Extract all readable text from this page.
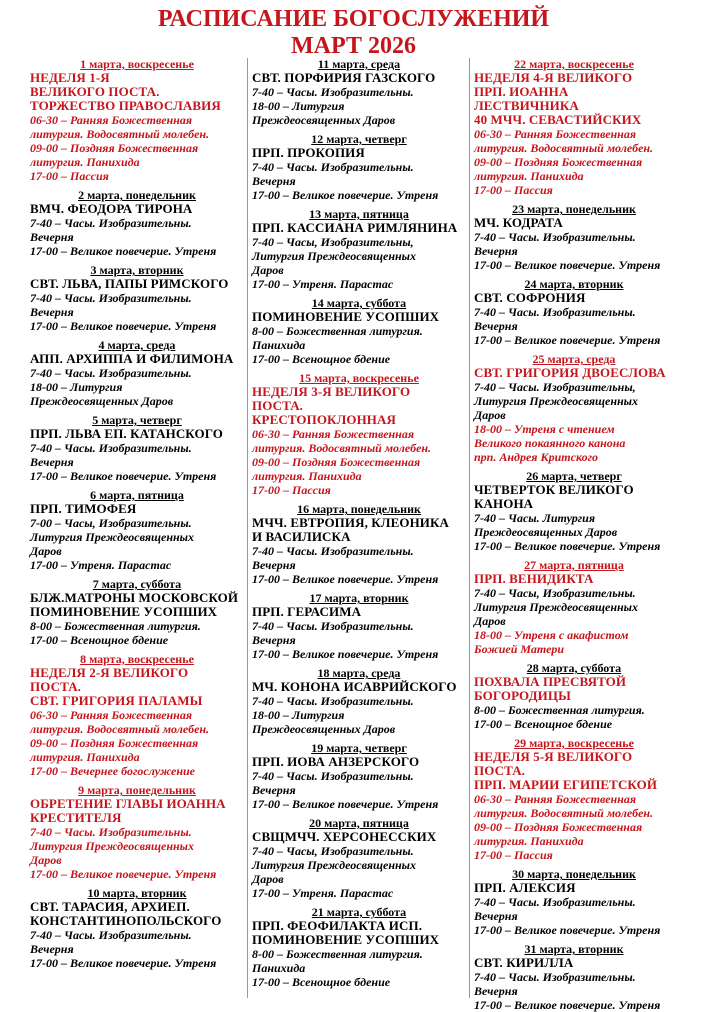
РАСПИСАНИЕ БОГОСЛУЖЕНИЙ
МАРТ 2026
1 марта, воскресенье
НЕДЕЛЯ 1-Я
ВЕЛИКОГО ПОСТА.
ТОРЖЕСТВО ПРАВОСЛАВИЯ
06-30 – Ранняя Божественная
литургия. Водосвятный молебен.
09-00 – Поздняя Божественная
литургия. Панихида
17-00 – Пассия
2 марта, понедельник
ВМЧ. ФЕОДОРА ТИРОНА
7-40 – Часы. Изобразительны.
Вечерня
17-00 – Великое повечерие. Утреня
3 марта, вторник
СВТ. ЛЬВА, ПАПЫ РИМСКОГО
7-40 – Часы. Изобразительны.
Вечерня
17-00 – Великое повечерие. Утреня
4 марта, среда
АПП. АРХИППА И ФИЛИМОНА
7-40 – Часы. Изобразительны.
18-00 – Литургия
Преждеосвященных Даров
5 марта, четверг
ПРП. ЛЬВА ЕП. КАТАНСКОГО
7-40 – Часы. Изобразительны.
Вечерня
17-00 – Великое повечерие. Утреня
6 марта, пятница
ПРП. ТИМОФЕЯ
7-00 – Часы, Изобразительны.
Литургия Преждеосвященных
Даров
17-00 – Утреня. Парастас
7 марта, суббота
БЛЖ.МАТРОНЫ МОСКОВСКОЙ
ПОМИНОВЕНИЕ УСОПШИХ
8-00 – Божественная литургия.
17-00 – Всенощное бдение
8 марта, воскресенье
НЕДЕЛЯ 2-Я ВЕЛИКОГО
ПОСТА.
СВТ. ГРИГОРИЯ ПАЛАМЫ
06-30 – Ранняя Божественная
литургия. Водосвятный молебен.
09-00 – Поздняя Божественная
литургия. Панихида
17-00 – Вечернее богослужение
9 марта, понедельник
ОБРЕТЕНИЕ ГЛАВЫ ИОАННА
КРЕСТИТЕЛЯ
7-40 – Часы. Изобразительны.
Литургия Преждеосвященных
Даров
17-00 – Великое повечерие. Утреня
10 марта, вторник
СВТ. ТАРАСИЯ, АРХИЕП.
КОНСТАНТИНОПОЛЬСКОГО
7-40 – Часы. Изобразительны.
Вечерня
17-00 – Великое повечерие. Утреня
11 марта, среда
СВТ. ПОРФИРИЯ ГАЗСКОГО
7-40 – Часы. Изобразительны.
18-00 – Литургия
Преждеосвященных Даров
12 марта, четверг
ПРП. ПРОКОПИЯ
7-40 – Часы. Изобразительны.
Вечерня
17-00 – Великое повечерие. Утреня
13 марта, пятница
ПРП. КАССИАНА РИМЛЯНИНА
7-40 – Часы, Изобразительны,
Литургия Преждеосвященных
Даров
17-00 – Утреня. Парастас
14 марта, суббота
ПОМИНОВЕНИЕ УСОПШИХ
8-00 – Божественная литургия.
Панихида
17-00 – Всенощное бдение
15 марта, воскресенье
НЕДЕЛЯ 3-Я ВЕЛИКОГО
ПОСТА.
КРЕСТОПОКЛОННАЯ
06-30 – Ранняя Божественная
литургия. Водосвятный молебен.
09-00 – Поздняя Божественная
литургия. Панихида
17-00 – Пассия
16 марта, понедельник
МЧЧ. ЕВТРОПИЯ, КЛЕОНИКА
И ВАСИЛИСКА
7-40 – Часы. Изобразительны.
Вечерня
17-00 – Великое повечерие. Утреня
17 марта, вторник
ПРП. ГЕРАСИМА
7-40 – Часы. Изобразительны.
Вечерня
17-00 – Великое повечерие. Утреня
18 марта, среда
МЧ. КОНОНА ИСАВРИЙСКОГО
7-40 – Часы. Изобразительны.
18-00 – Литургия
Преждеосвященных Даров
19 марта, четверг
ПРП. ИОВА АНЗЕРСКОГО
7-40 – Часы. Изобразительны.
Вечерня
17-00 – Великое повечерие. Утреня
20 марта, пятница
СВЩМЧЧ. ХЕРСОНЕССКИХ
7-40 – Часы, Изобразительны.
Литургия Преждеосвященных
Даров
17-00 – Утреня. Парастас
21 марта, суббота
ПРП. ФЕОФИЛАКТА ИСП.
ПОМИНОВЕНИЕ УСОПШИХ
8-00 – Божественная литургия.
Панихида
17-00 – Всенощное бдение
22 марта, воскресенье
НЕДЕЛЯ 4-Я ВЕЛИКОГО
ПРП. ИОАННА ЛЕСТВИЧНИКА
40 МЧЧ. СЕВАСТИЙСКИХ
06-30 – Ранняя Божественная
литургия. Водосвятный молебен.
09-00 – Поздняя Божественная
литургия. Панихида
17-00 – Пассия
23 марта, понедельник
МЧ. КОДРАТА
7-40 – Часы. Изобразительны.
Вечерня
17-00 – Великое повечерие. Утреня
24 марта, вторник
СВТ. СОФРОНИЯ
7-40 – Часы. Изобразительны.
Вечерня
17-00 – Великое повечерие. Утреня
25 марта, среда
СВТ. ГРИГОРИЯ ДВОЕСЛОВА
7-40 – Часы. Изобразительны,
Литургия Преждеосвященных
Даров
18-00 – Утреня с чтением
Великого покаянного канона
прп. Андрея Критского
26 марта, четверг
ЧЕТВЕРТОК ВЕЛИКОГО
КАНОНА
7-40 – Часы. Литургия
Преждеосвященных Даров
17-00 – Великое повечерие. Утреня
27 марта, пятница
ПРП. ВЕНИДИКТА
7-40 – Часы, Изобразительны.
Литургия Преждеосвященных
Даров
18-00 – Утреня с акафистом
Божией Матери
28 марта, суббота
ПОХВАЛА ПРЕСВЯТОЙ
БОГОРОДИЦЫ
8-00 – Божественная литургия.
17-00 – Всенощное бдение
29 марта, воскресенье
НЕДЕЛЯ 5-Я ВЕЛИКОГО
ПОСТА.
ПРП. МАРИИ ЕГИПЕТСКОЙ
06-30 – Ранняя Божественная
литургия. Водосвятный молебен.
09-00 – Поздняя Божественная
литургия. Панихида
17-00 – Пассия
30 марта, понедельник
ПРП. АЛЕКСИЯ
7-40 – Часы. Изобразительны.
Вечерня
17-00 – Великое повечерие. Утреня
31 марта, вторник
СВТ. КИРИЛЛА
7-40 – Часы. Изобразительны.
Вечерня
17-00 – Великое повечерие. Утреня
